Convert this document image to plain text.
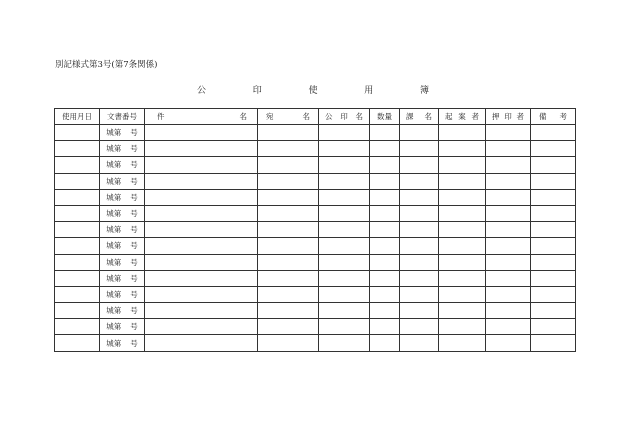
別記様式第3号(第7条関係)
公	印	使	用	簿
使用月日	文書番号	件 名	宛 名	公 印 名	数量	課 名	起 案 者	押 印 者	備 考

	城第 号								
	城第 号								
	城第 号								
	城第 号								
	城第 号								
	城第 号								
	城第 号								
	城第 号								
	城第 号								
	城第 号								
	城第 号								
	城第 号								
	城第 号								
	城第 号								
